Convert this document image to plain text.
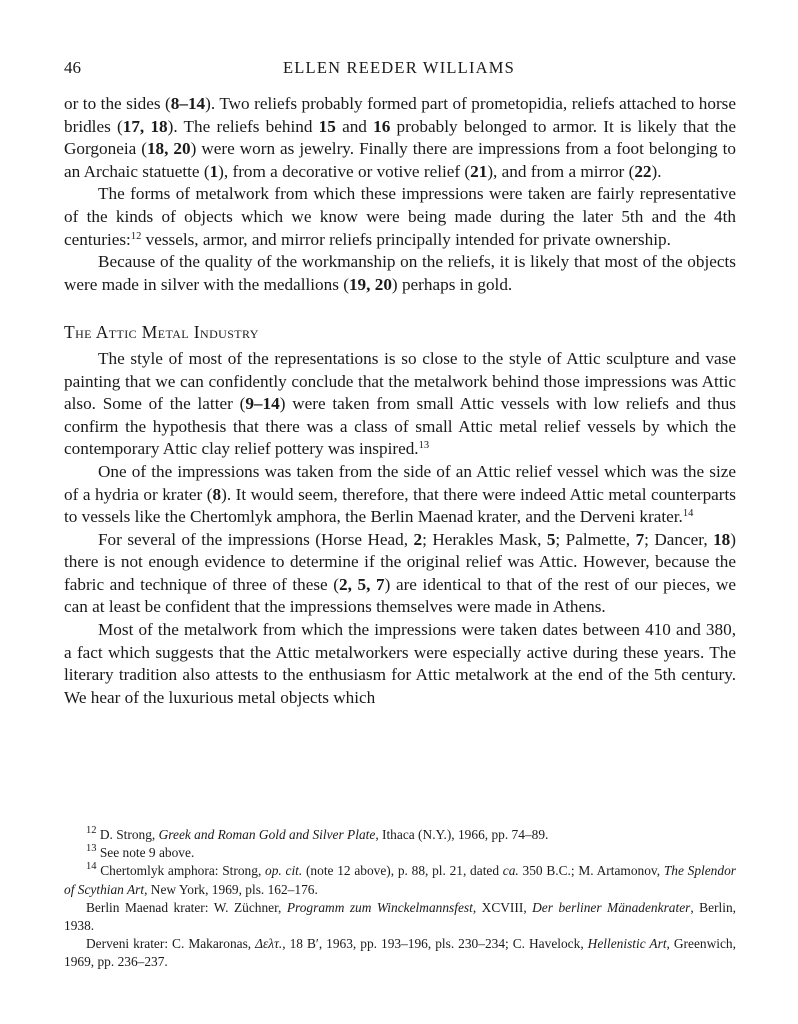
46	ELLEN REEDER WILLIAMS

or to the sides (8–14). Two reliefs probably formed part of prometopidia, reliefs attached to horse bridles (17, 18). The reliefs behind 15 and 16 probably belonged to armor. It is likely that the Gorgoneia (18, 20) were worn as jewelry. Finally there are impressions from a foot belonging to an Archaic statuette (1), from a decorative or votive relief (21), and from a mirror (22).

The forms of metalwork from which these impressions were taken are fairly representative of the kinds of objects which we know were being made during the later 5th and the 4th centuries:$^{12}$ vessels, armor, and mirror reliefs principally intended for private ownership.

Because of the quality of the workmanship on the reliefs, it is likely that most of the objects were made in silver with the medallions (19, 20) perhaps in gold.

The Attic Metal Industry

The style of most of the representations is so close to the style of Attic sculpture and vase painting that we can confidently conclude that the metalwork behind those impressions was Attic also. Some of the latter (9–14) were taken from small Attic vessels with low reliefs and thus confirm the hypothesis that there was a class of small Attic metal relief vessels by which the contemporary Attic clay relief pottery was inspired.$^{13}$

One of the impressions was taken from the side of an Attic relief vessel which was the size of a hydria or krater (8). It would seem, therefore, that there were indeed Attic metal counterparts to vessels like the Chertomlyk amphora, the Berlin Maenad krater, and the Derveni krater.$^{14}$

For several of the impressions (Horse Head, 2; Herakles Mask, 5; Palmette, 7; Dancer, 18) there is not enough evidence to determine if the original relief was Attic. However, because the fabric and technique of three of these (2, 5, 7) are identical to that of the rest of our pieces, we can at least be confident that the impressions themselves were made in Athens.

Most of the metalwork from which the impressions were taken dates between 410 and 380, a fact which suggests that the Attic metalworkers were especially active during these years. The literary tradition also attests to the enthusiasm for Attic metalwork at the end of the 5th century. We hear of the luxurious metal objects which

$^{12}$ D. Strong, Greek and Roman Gold and Silver Plate, Ithaca (N.Y.), 1966, pp. 74–89.

$^{13}$ See note 9 above.

$^{14}$ Chertomlyk amphora: Strong, op. cit. (note 12 above), p. 88, pl. 21, dated ca. 350 B.C.; M. Artamonov, The Splendor of Scythian Art, New York, 1969, pls. 162–176.

Berlin Maenad krater: W. Züchner, Programm zum Winckelmannsfest, XCVIII, Der berliner Mänadenkrater, Berlin, 1938.

Derveni krater: C. Makaronas, Δελτ., 18 B′, 1963, pp. 193–196, pls. 230–234; C. Havelock, Hellenistic Art, Greenwich, 1969, pp. 236–237.
